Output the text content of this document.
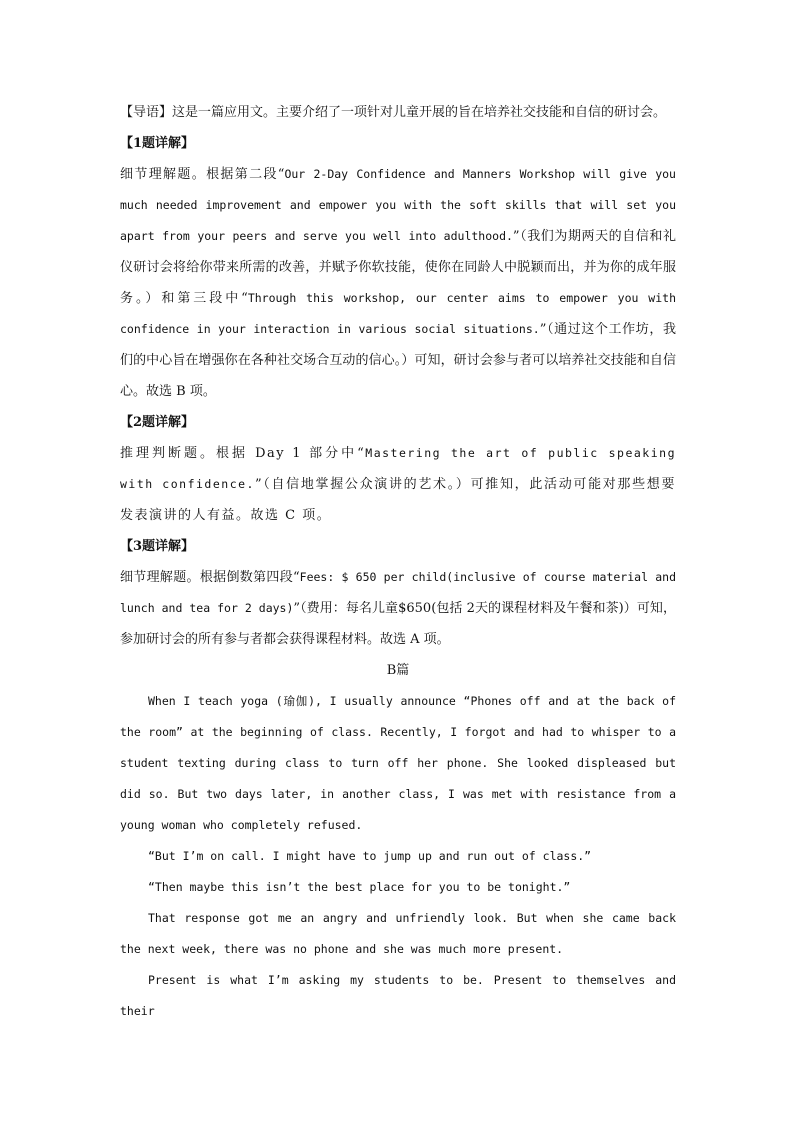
【导语】这是一篇应用文。主要介绍了一项针对儿童开展的旨在培养社交技能和自信的研讨会。

【1题详解】

细节理解题。根据第二段“Our 2-Day Confidence and Manners Workshop will give you much needed improvement and empower you with the soft skills that will set you apart from your peers and serve you well into adulthood.”（我们为期两天的自信和礼仪研讨会将给你带来所需的改善，并赋予你软技能，使你在同龄人中脱颖而出，并为你的成年服务。）和第三段中“Through this workshop, our center aims to empower you with confidence in your interaction in various social situations.”（通过这个工作坊，我们的中心旨在增强你在各种社交场合互动的信心。）可知，研讨会参与者可以培养社交技能和自信心。故选 B 项。

【2题详解】

推理判断题。根据 Day 1 部分中“Mastering the art of public speaking with confidence.”（自信地掌握公众演讲的艺术。）可推知，此活动可能对那些想要发表演讲的人有益。故选 C 项。

【3题详解】

细节理解题。根据倒数第四段“Fees: $ 650 per child(inclusive of course material and lunch and tea for 2 days)”（费用：每名儿童$650(包括 2天的课程材料及午餐和茶)）可知，参加研讨会的所有参与者都会获得课程材料。故选 A 项。

B篇

When I teach yoga (瑜伽), I usually announce “Phones off and at the back of the room” at the beginning of class. Recently, I forgot and had to whisper to a student texting during class to turn off her phone. She looked displeased but did so. But two days later, in another class, I was met with resistance from a young woman who completely refused.

“But I’m on call. I might have to jump up and run out of class.”

“Then maybe this isn’t the best place for you to be tonight.”

That response got me an angry and unfriendly look. But when she came back the next week, there was no phone and she was much more present.

Present is what I’m asking my students to be. Present to themselves and their
